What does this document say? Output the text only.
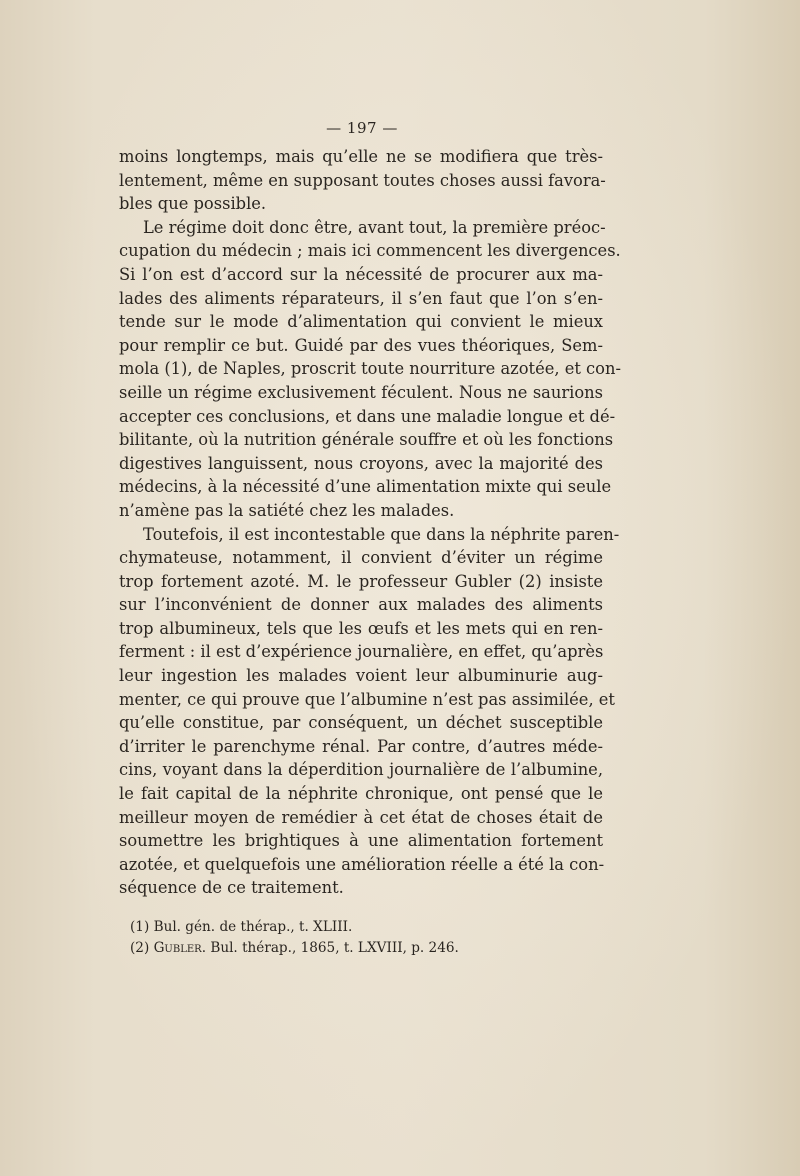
— 197 —
moins longtemps, mais qu’elle ne se modifiera que très-
lentement, même en supposant toutes choses aussi favora-
bles que possible.
Le régime doit donc être, avant tout, la première préoc-
cupation du médecin ; mais ici commencent les divergences.
Si l’on est d’accord sur la nécessité de procurer aux ma-
lades des aliments réparateurs, il s’en faut que l’on s’en-
tende sur le mode d’alimentation qui convient le mieux
pour remplir ce but. Guidé par des vues théoriques, Sem-
mola (1), de Naples, proscrit toute nourriture azotée, et con-
seille un régime exclusivement féculent. Nous ne saurions
accepter ces conclusions, et dans une maladie longue et dé-
bilitante, où la nutrition générale souffre et où les fonctions
digestives languissent, nous croyons, avec la majorité des
médecins, à la nécessité d’une alimentation mixte qui seule
n’amène pas la satiété chez les malades.
Toutefois, il est incontestable que dans la néphrite paren-
chymateuse, notamment, il convient d’éviter un régime
trop fortement azoté. M. le professeur Gubler (2) insiste
sur l’inconvénient de donner aux malades des aliments
trop albumineux, tels que les œufs et les mets qui en ren-
ferment : il est d’expérience journalière, en effet, qu’après
leur ingestion les malades voient leur albuminurie aug-
menter, ce qui prouve que l’albumine n’est pas assimilée, et
qu’elle constitue, par conséquent, un déchet susceptible
d’irriter le parenchyme rénal. Par contre, d’autres méde-
cins, voyant dans la déperdition journalière de l’albumine,
le fait capital de la néphrite chronique, ont pensé que le
meilleur moyen de remédier à cet état de choses était de
soumettre les brightiques à une alimentation fortement
azotée, et quelquefois une amélioration réelle a été la con-
séquence de ce traitement.
(1) Bul. gén. de thérap., t. XLIII.
(2) Gubler. Bul. thérap., 1865, t. LXVIII, p. 246.
